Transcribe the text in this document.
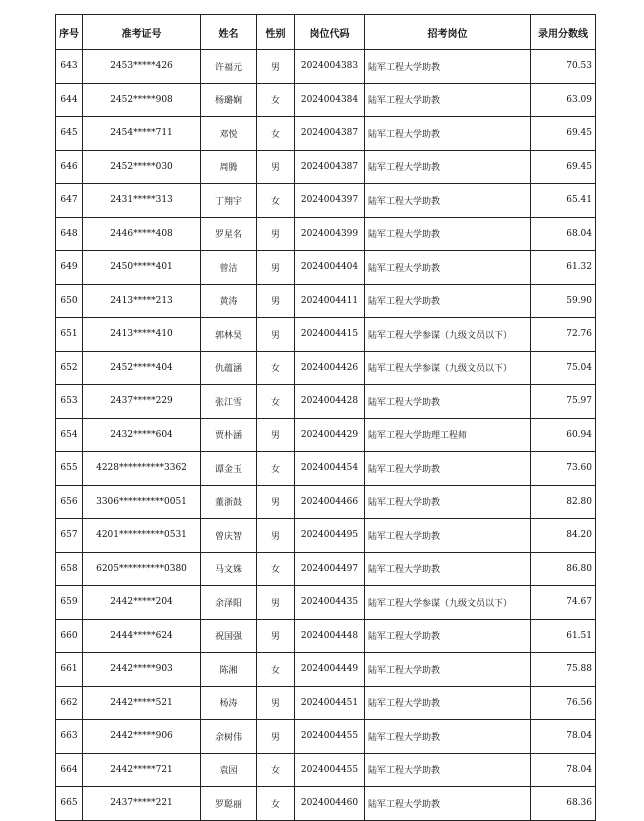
序号	准考证号	姓名	性别	岗位代码	招考岗位	录用分数线
643	2453*****426	许福元	男	2024004383	陆军工程大学助教	70.53
644	2452*****908	杨璐娴	女	2024004384	陆军工程大学助教	63.09
645	2454*****711	邓悦	女	2024004387	陆军工程大学助教	69.45
646	2452*****030	周腾	男	2024004387	陆军工程大学助教	69.45
647	2431*****313	丁翔宇	女	2024004397	陆军工程大学助教	65.41
648	2446*****408	罗星名	男	2024004399	陆军工程大学助教	68.04
649	2450*****401	曾洁	男	2024004404	陆军工程大学助教	61.32
650	2413*****213	黄涛	男	2024004411	陆军工程大学助教	59.90
651	2413*****410	郭林昊	男	2024004415	陆军工程大学参谋（九级文员以下）	72.76
652	2452*****404	仇蕴涵	女	2024004426	陆军工程大学参谋（九级文员以下）	75.04
653	2437*****229	张江雪	女	2024004428	陆军工程大学助教	75.97
654	2432*****604	贾朴涵	男	2024004429	陆军工程大学助理工程师	60.94
655	4228**********3362	谭金玉	女	2024004454	陆军工程大学助教	73.60
656	3306**********0051	董浙鼓	男	2024004466	陆军工程大学助教	82.80
657	4201**********0531	曾庆智	男	2024004495	陆军工程大学助教	84.20
658	6205**********0380	马文姝	女	2024004497	陆军工程大学助教	86.80
659	2442*****204	余泽阳	男	2024004435	陆军工程大学参谋（九级文员以下）	74.67
660	2444*****624	祝国强	男	2024004448	陆军工程大学助教	61.51
661	2442*****903	陈湘	女	2024004449	陆军工程大学助教	75.88
662	2442*****521	杨涛	男	2024004451	陆军工程大学助教	76.56
663	2442*****906	余树伟	男	2024004455	陆军工程大学助教	78.04
664	2442*****721	袁园	女	2024004455	陆军工程大学助教	78.04
665	2437*****221	罗聪丽	女	2024004460	陆军工程大学助教	68.36
